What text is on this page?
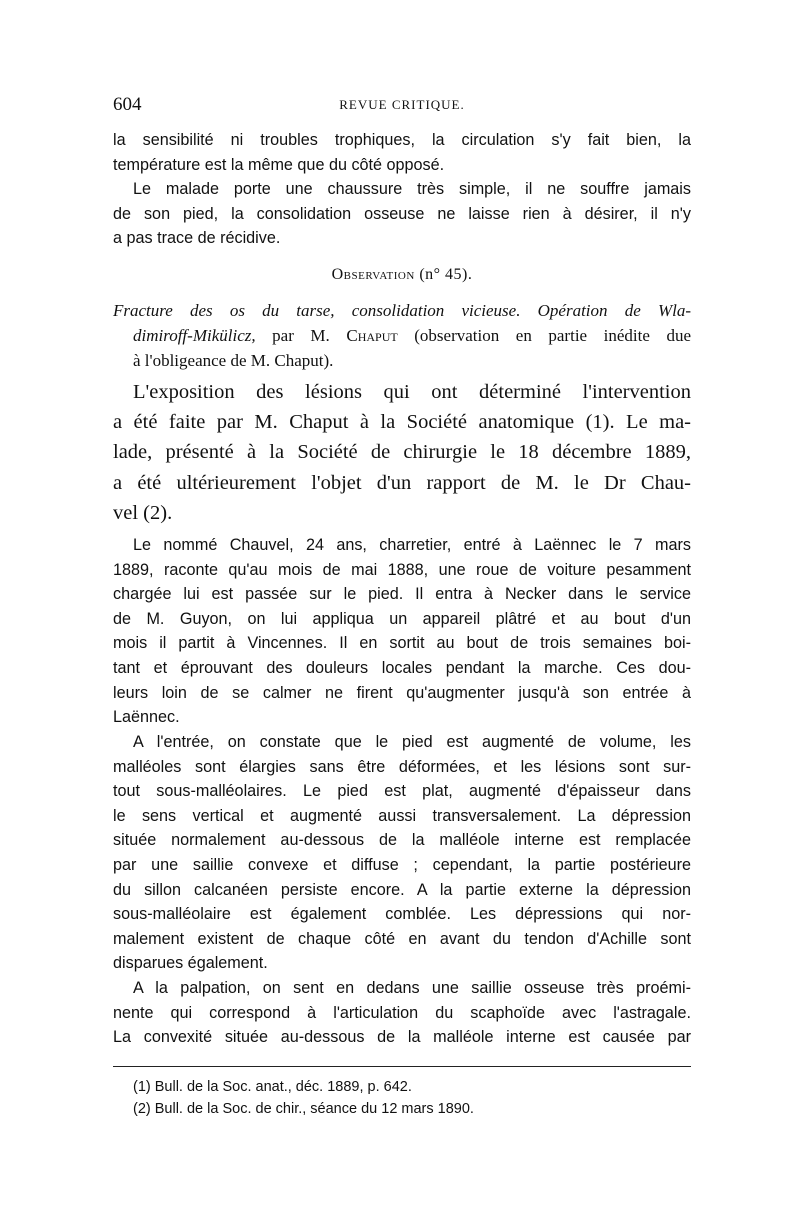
604	REVUE CRITIQUE.
la sensibilité ni troubles trophiques, la circulation s'y fait bien, la
température est la même que du côté opposé.
Le malade porte une chaussure très simple, il ne souffre jamais
de son pied, la consolidation osseuse ne laisse rien à désirer, il n'y
a pas trace de récidive.
Observation (n° 45).
Fracture des os du tarse, consolidation vicieuse. Opération de Wla-
dimiroff-Mikülicz, par M. Chaput (observation en partie inédite due
à l'obligeance de M. Chaput).
L'exposition des lésions qui ont déterminé l'intervention
a été faite par M. Chaput à la Société anatomique (1). Le ma-
lade, présenté à la Société de chirurgie le 18 décembre 1889,
a été ultérieurement l'objet d'un rapport de M. le Dr Chau-
vel (2).
Le nommé Chauvel, 24 ans, charretier, entré à Laënnec le 7 mars
1889, raconte qu'au mois de mai 1888, une roue de voiture pesamment
chargée lui est passée sur le pied. Il entra à Necker dans le service
de M. Guyon, on lui appliqua un appareil plâtré et au bout d'un
mois il partit à Vincennes. Il en sortit au bout de trois semaines boi-
tant et éprouvant des douleurs locales pendant la marche. Ces dou-
leurs loin de se calmer ne firent qu'augmenter jusqu'à son entrée à
Laënnec.
A l'entrée, on constate que le pied est augmenté de volume, les
malléoles sont élargies sans être déformées, et les lésions sont sur-
tout sous-malléolaires. Le pied est plat, augmenté d'épaisseur dans
le sens vertical et augmenté aussi transversalement. La dépression
située normalement au-dessous de la malléole interne est remplacée
par une saillie convexe et diffuse ; cependant, la partie postérieure
du sillon calcanéen persiste encore. A la partie externe la dépression
sous-malléolaire est également comblée. Les dépressions qui nor-
malement existent de chaque côté en avant du tendon d'Achille sont
disparues également.
A la palpation, on sent en dedans une saillie osseuse très proémi-
nente qui correspond à l'articulation du scaphoïde avec l'astragale.
La convexité située au-dessous de la malléole interne est causée par
(1) Bull. de la Soc. anat., déc. 1889, p. 642.
(2) Bull. de la Soc. de chir., séance du 12 mars 1890.
